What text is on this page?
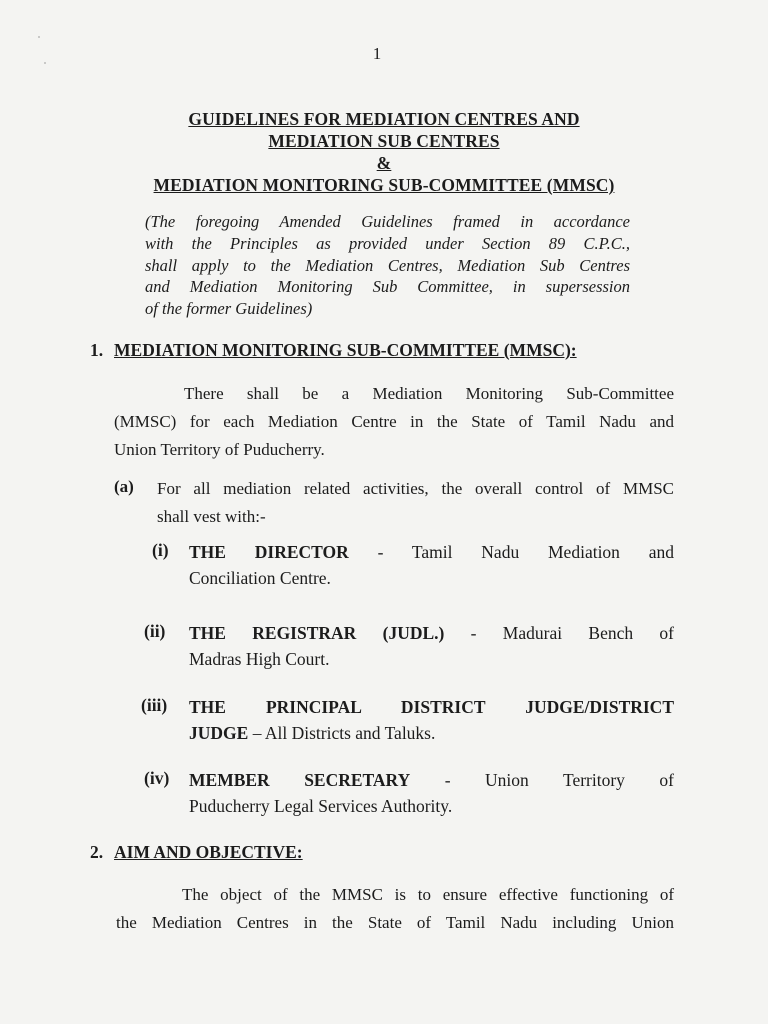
1

GUIDELINES FOR MEDIATION CENTRES AND

MEDIATION SUB CENTRES

&

MEDIATION MONITORING SUB-COMMITTEE (MMSC)

(The foregoing Amended Guidelines framed in accordance
with the Principles as provided under Section 89 C.P.C.,
shall apply to the Mediation Centres, Mediation Sub Centres
and Mediation Monitoring Sub Committee, in supersession
of the former Guidelines)
1. MEDIATION MONITORING SUB-COMMITTEE (MMSC):
There shall be a Mediation Monitoring Sub-Committee
(MMSC) for each Mediation Centre in the State of Tamil Nadu and
Union Territory of Puducherry.
(a) For all mediation related activities, the overall control of MMSC
shall vest with:-
(i) THE DIRECTOR - Tamil Nadu Mediation and
Conciliation Centre.
(ii) THE REGISTRAR (JUDL.) - Madurai Bench of
Madras High Court.
(iii) THE PRINCIPAL DISTRICT JUDGE/DISTRICT
JUDGE – All Districts and Taluks.
(iv) MEMBER SECRETARY - Union Territory of
Puducherry Legal Services Authority.
2. AIM AND OBJECTIVE:
The object of the MMSC is to ensure effective functioning of
the Mediation Centres in the State of Tamil Nadu including Union
